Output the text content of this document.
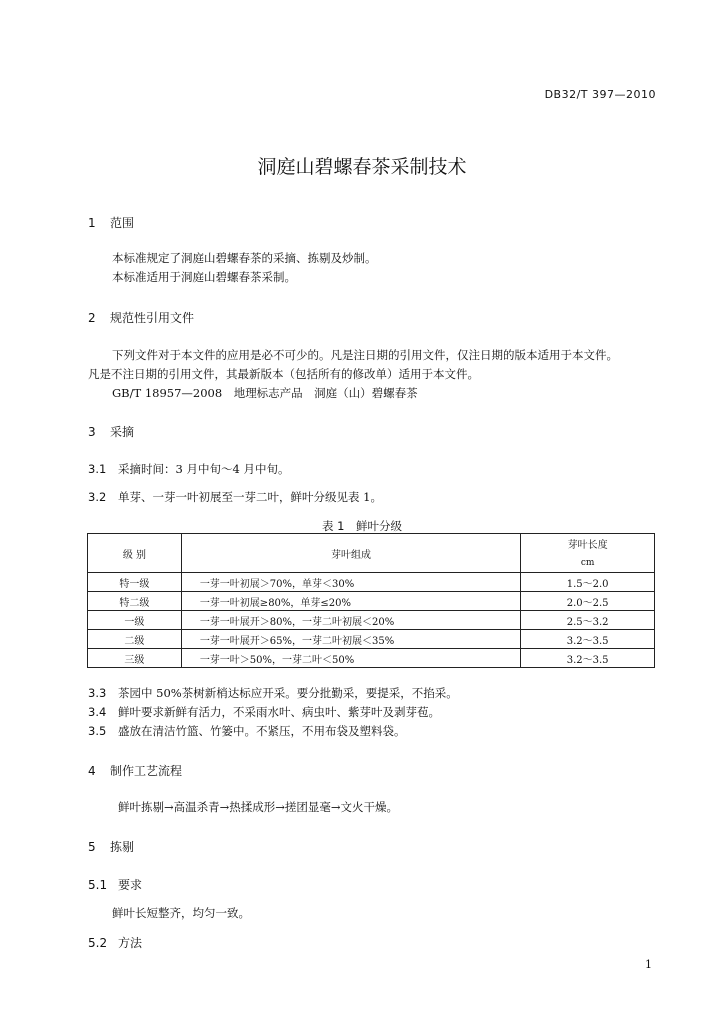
DB32/T 397—2010
洞庭山碧螺春茶采制技术
1 范围
本标准规定了洞庭山碧螺春茶的采摘、拣剔及炒制。
本标准适用于洞庭山碧螺春茶采制。
2 规范性引用文件
下列文件对于本文件的应用是必不可少的。凡是注日期的引用文件，仅注日期的版本适用于本文件。
凡是不注日期的引用文件，其最新版本（包括所有的修改单）适用于本文件。
GB/T 18957—2008　地理标志产品　洞庭（山）碧螺春茶
3 采摘
3.1 采摘时间：3 月中旬～4 月中旬。
3.2 单芽、一芽一叶初展至一芽二叶，鲜叶分级见表 1。
表 1　鲜叶分级
级 别	芽叶组成	芽叶长度
		cm
特一级	一芽一叶初展＞70%，单芽＜30%	1.5～2.0
特二级	一芽一叶初展≥80%，单芽≤20%	2.0～2.5
一级	一芽一叶展开＞80%，一芽二叶初展＜20%	2.5～3.2
二级	一芽一叶展开＞65%，一芽二叶初展＜35%	3.2～3.5
三级	一芽一叶＞50%，一芽二叶＜50%	3.2～3.5
3.3 茶园中 50%茶树新梢达标应开采。要分批勤采，要提采，不掐采。
3.4 鲜叶要求新鲜有活力，不采雨水叶、病虫叶、紫芽叶及剥芽苞。
3.5 盛放在清洁竹篮、竹篓中。不紧压，不用布袋及塑料袋。
4 制作工艺流程
鲜叶拣剔→高温杀青→热揉成形→搓团显毫→文火干燥。
5 拣剔
5.1 要求
鲜叶长短整齐，均匀一致。
5.2 方法
1
